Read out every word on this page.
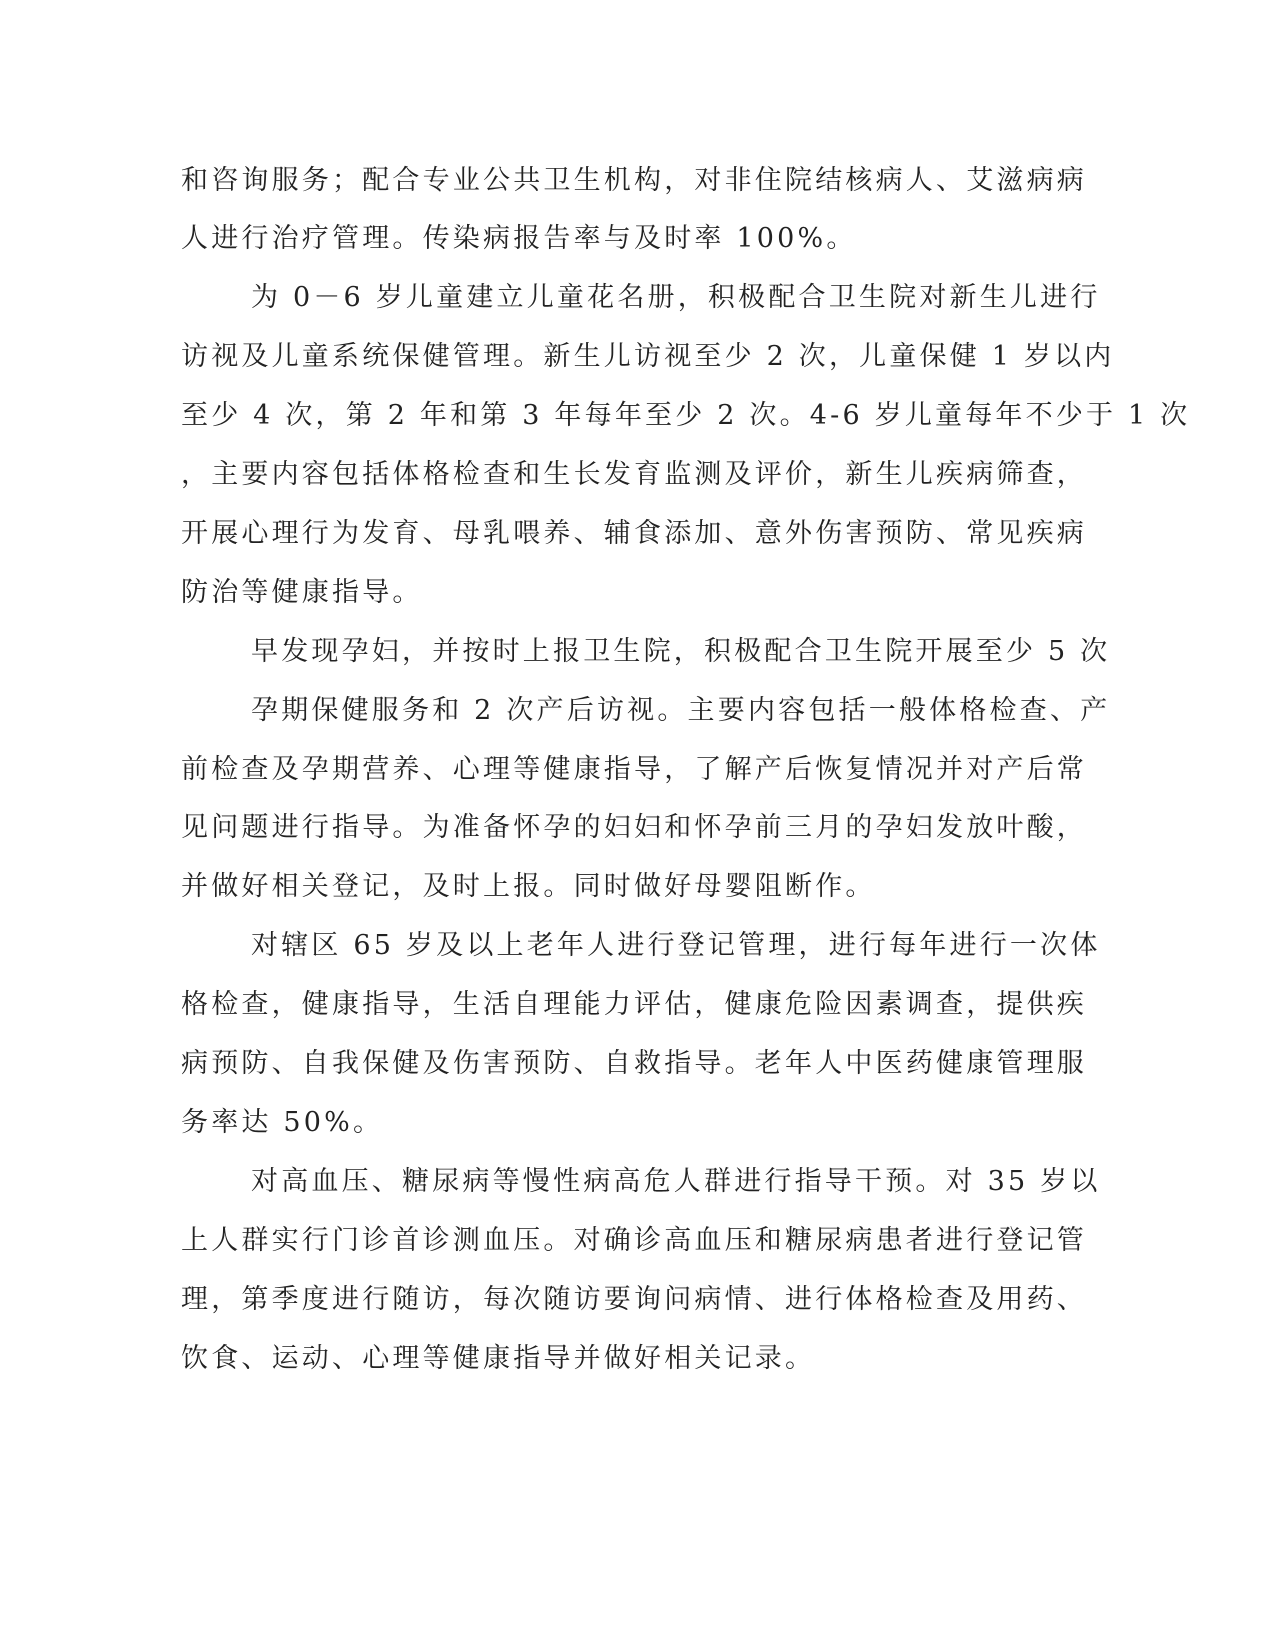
和咨询服务；配合专业公共卫生机构，对非住院结核病人、艾滋病病
人进行治疗管理。传染病报告率与及时率 100%。
为 0－6 岁儿童建立儿童花名册，积极配合卫生院对新生儿进行
访视及儿童系统保健管理。新生儿访视至少 2 次，儿童保健 1 岁以内
至少 4 次，第 2 年和第 3 年每年至少 2 次。4-6 岁儿童每年不少于 1 次
，主要内容包括体格检查和生长发育监测及评价，新生儿疾病筛查，
开展心理行为发育、母乳喂养、辅食添加、意外伤害预防、常见疾病
防治等健康指导。
早发现孕妇，并按时上报卫生院，积极配合卫生院开展至少 5 次
孕期保健服务和 2 次产后访视。主要内容包括一般体格检查、产
前检查及孕期营养、心理等健康指导，了解产后恢复情况并对产后常
见问题进行指导。为准备怀孕的妇妇和怀孕前三月的孕妇发放叶酸，
并做好相关登记，及时上报。同时做好母婴阻断作。
对辖区 65 岁及以上老年人进行登记管理，进行每年进行一次体
格检查，健康指导，生活自理能力评估，健康危险因素调查，提供疾
病预防、自我保健及伤害预防、自救指导。老年人中医药健康管理服
务率达 50%。
对高血压、糖尿病等慢性病高危人群进行指导干预。对 35 岁以
上人群实行门诊首诊测血压。对确诊高血压和糖尿病患者进行登记管
理，第季度进行随访，每次随访要询问病情、进行体格检查及用药、
饮食、运动、心理等健康指导并做好相关记录。
